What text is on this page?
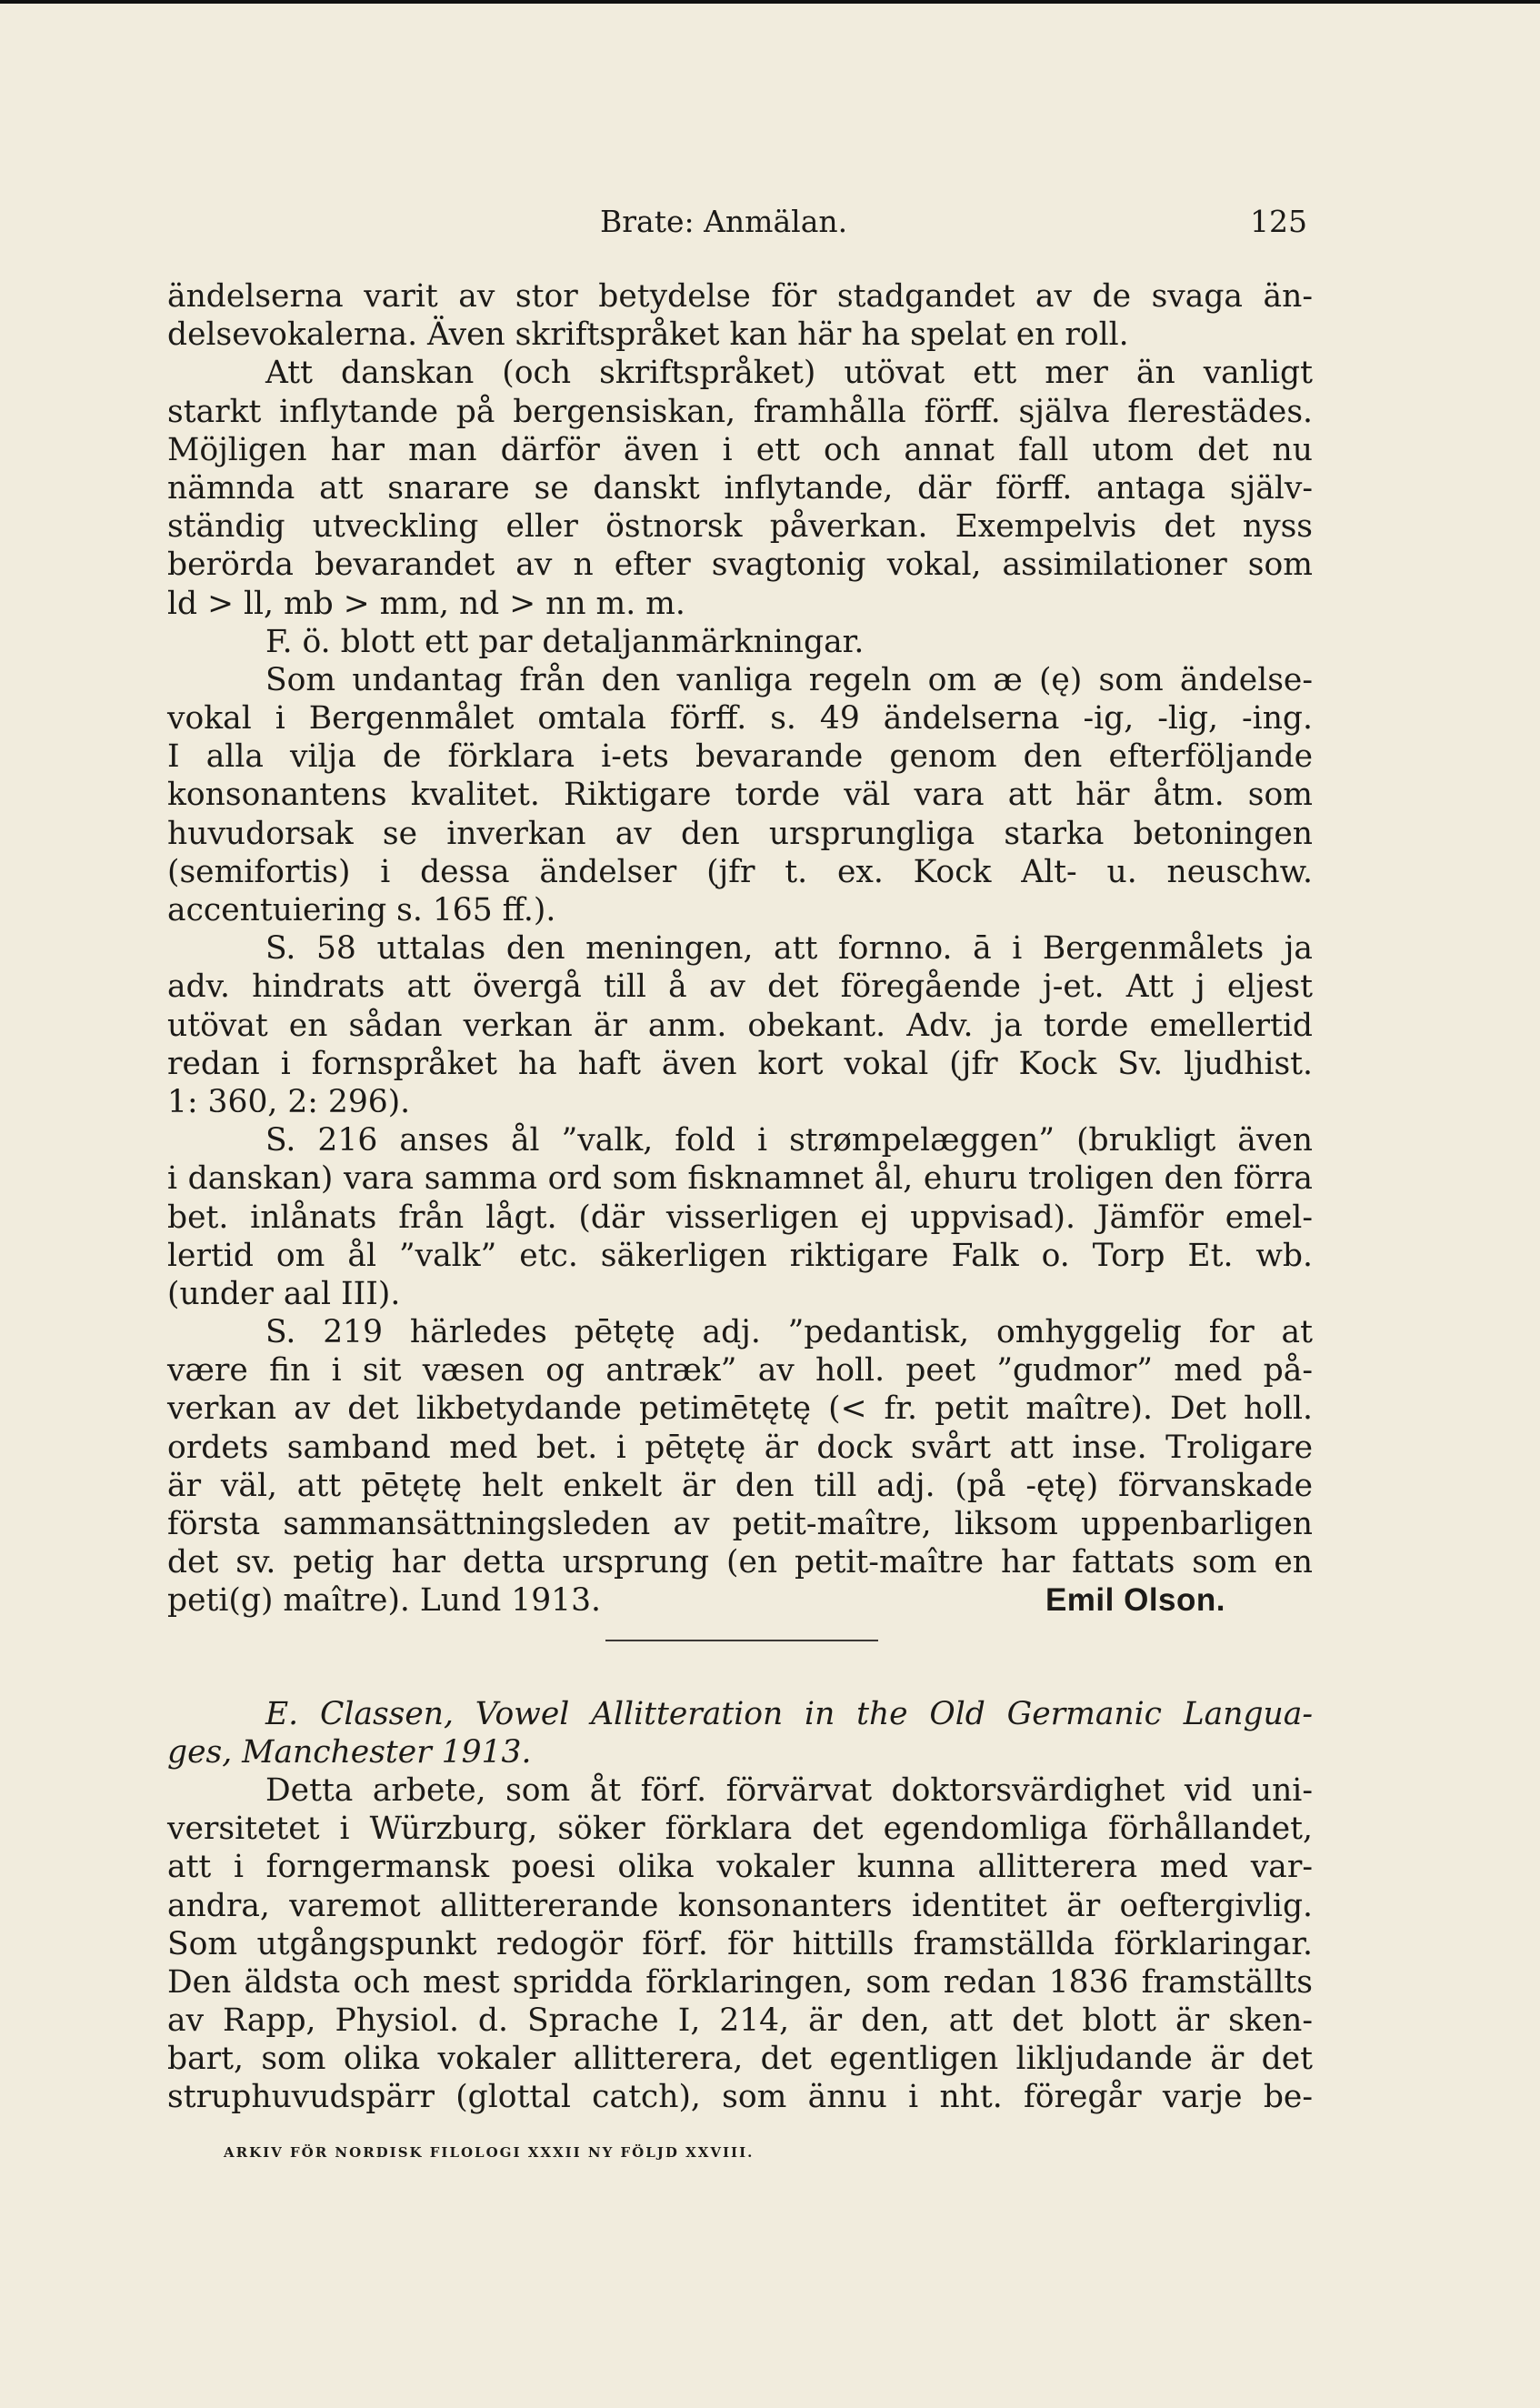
Brate: Anmälan.	125
ändelserna varit av stor betydelse för stadgandet av de svaga än-
delsevokalerna. Även skriftspråket kan här ha spelat en roll.
Att danskan (och skriftspråket) utövat ett mer än vanligt
starkt inflytande på bergensiskan, framhålla förff. själva flerestädes.
Möjligen har man därför även i ett och annat fall utom det nu
nämnda att snarare se danskt inflytande, där förff. antaga själv-
ständig utveckling eller östnorsk påverkan. Exempelvis det nyss
berörda bevarandet av n efter svagtonig vokal, assimilationer som
ld > ll, mb > mm, nd > nn m. m.
F. ö. blott ett par detaljanmärkningar.
Som undantag från den vanliga regeln om æ (ę) som ändelse-
vokal i Bergenmålet omtala förff. s. 49 ändelserna -ig, -lig, -ing.
I alla vilja de förklara i-ets bevarande genom den efterföljande
konsonantens kvalitet. Riktigare torde väl vara att här åtm. som
huvudorsak se inverkan av den ursprungliga starka betoningen
(semifortis) i dessa ändelser (jfr t. ex. Kock Alt- u. neuschw.
accentuiering s. 165 ff.).
S. 58 uttalas den meningen, att fornno. ā i Bergenmålets ja
adv. hindrats att övergå till å av det föregående j-et. Att j eljest
utövat en sådan verkan är anm. obekant. Adv. ja torde emellertid
redan i fornspråket ha haft även kort vokal (jfr Kock Sv. ljudhist.
1: 360, 2: 296).
S. 216 anses ål ”valk, fold i strømpelæggen” (brukligt även
i danskan) vara samma ord som fisknamnet ål, ehuru troligen den förra
bet. inlånats från lågt. (där visserligen ej uppvisad). Jämför emel-
lertid om ål ”valk” etc. säkerligen riktigare Falk o. Torp Et. wb.
(under aal III).
S. 219 härledes pētętę adj. ”pedantisk, omhyggelig for at
være fin i sit væsen og antræk” av holl. peet ”gudmor” med på-
verkan av det likbetydande petimētętę (< fr. petit maître). Det holl.
ordets samband med bet. i pētętę är dock svårt att inse. Troligare
är väl, att pētętę helt enkelt är den till adj. (på -ętę) förvanskade
första sammansättningsleden av petit-maître, liksom uppenbarligen
det sv. petig har detta ursprung (en petit-maître har fattats som en
peti(g) maître). Lund 1913.	Emil Olson.
E. Classen, Vowel Allitteration in the Old Germanic Langua-
ges, Manchester 1913.
Detta arbete, som åt förf. förvärvat doktorsvärdighet vid uni-
versitetet i Würzburg, söker förklara det egendomliga förhållandet,
att i forngermansk poesi olika vokaler kunna allitterera med var-
andra, varemot allittererande konsonanters identitet är oeftergivlig.
Som utgångspunkt redogör förf. för hittills framställda förklaringar.
Den äldsta och mest spridda förklaringen, som redan 1836 framställts
av Rapp, Physiol. d. Sprache I, 214, är den, att det blott är sken-
bart, som olika vokaler allitterera, det egentligen likljudande är det
struphuvudspärr (glottal catch), som ännu i nht. föregår varje be-
ARKIV FÖR NORDISK FILOLOGI XXXII NY FÖLJD XXVIII.
